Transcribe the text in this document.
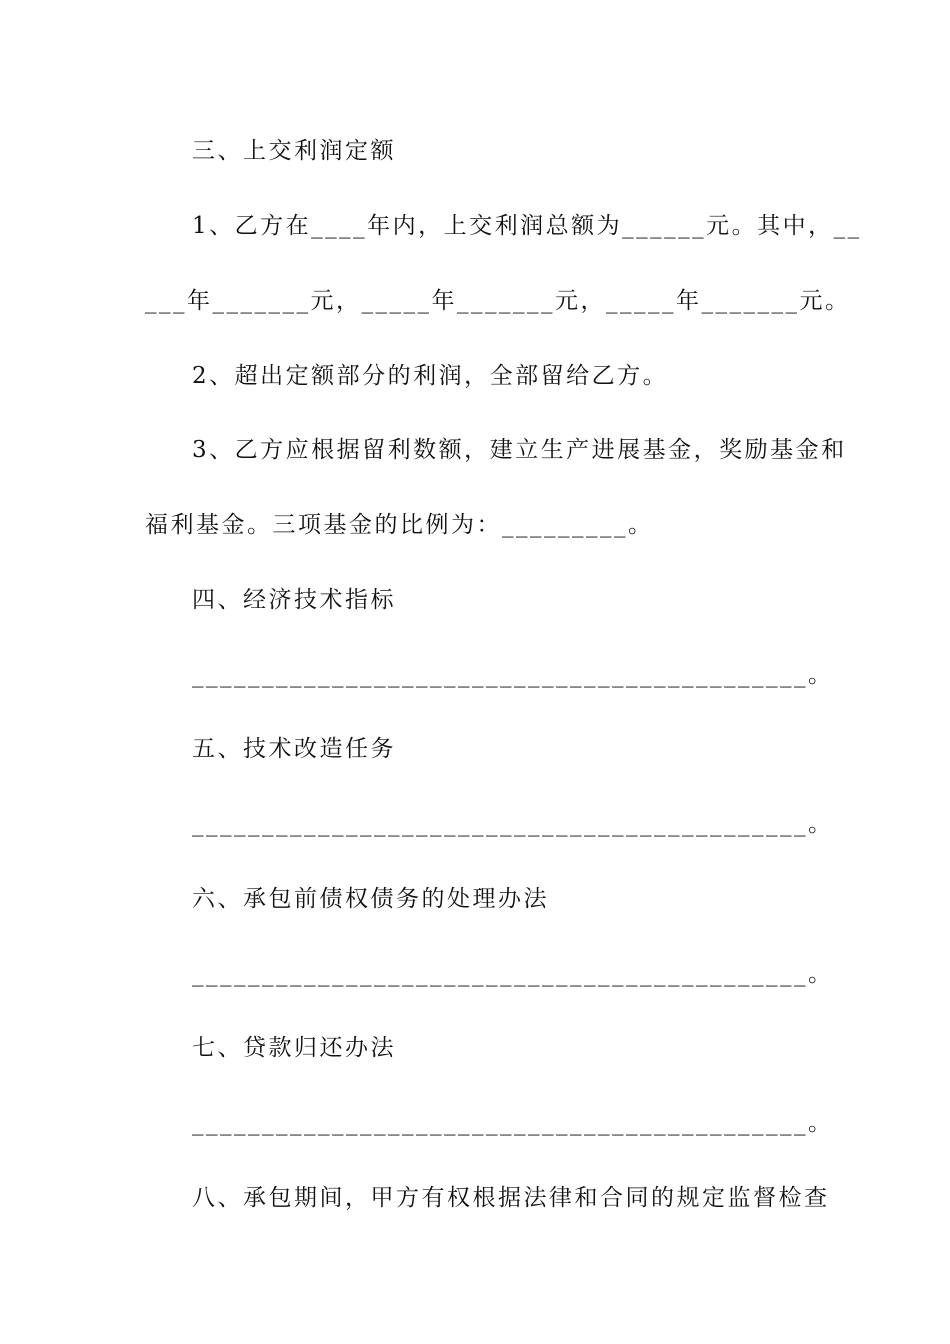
三、上交利润定额
1、乙方在____年内，上交利润总额为______元。其中，__
___年_______元，_____年_______元，_____年_______元。
2、超出定额部分的利润，全部留给乙方。
3、乙方应根据留利数额，建立生产进展基金，奖励基金和
福利基金。三项基金的比例为：_________。
四、经济技术指标
____________________________________________。
五、技术改造任务
____________________________________________。
六、承包前债权债务的处理办法
____________________________________________。
七、贷款归还办法
____________________________________________。
八、承包期间，甲方有权根据法律和合同的规定监督检查
